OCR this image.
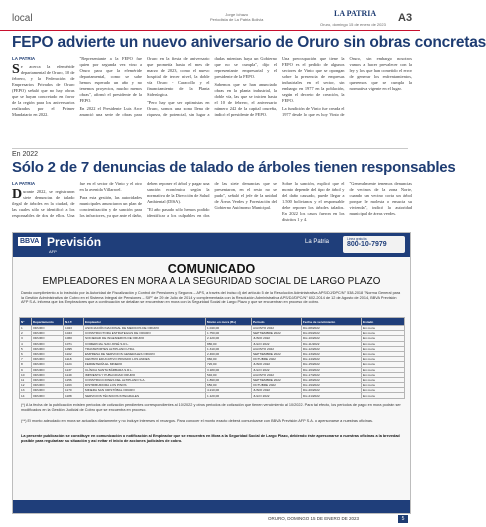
local	Jorge Ichazo
Periodista de La Patria Bolivia
LA PATRIA
Oruro, domingo 15 de enero de 2023
A3
FEPO advierte un nuevo aniversario de Oruro sin obras concretas

LA PATRIA

Se acerca la efeméride departamental de Oruro, 10 de febrero, y la Federación de Empresarios Privados de Oruro (FEPO) señaló que no hay obras que se hayan concretado en favor de la región para los aniversarios realizados por el Primer Mandatario en 2022.

"Representante a la FEPO fue quien por segunda vez vino a Oruro para que la efeméride departamental, como se sabe hemos esperado un año y no tenemos proyectos, mucho menos obras", afirmó el presidente de la FEPO.

En 2022 el Presidente Luis Arce anunció una serie de obras para Oruro en la fiesta de aniversario que prometía hasta el mes de marzo de 2023, como el nuevo hospital de tercer nivel, la doble vía Oruro - Caracollo y el financiamiento de la Planta Siderúrgica.

"Pero hay que ser optimistas en Oruro, somos una zona llena de riqueza, de potencial, sin lugar a dudas mientras haya un Gobierno que no se cumpla", dijo el representante empresarial y el presidente de la FEPO.

Sabemos que se han anunciado obras en la planta industrial, la doble vía, las que se inicien hasta el 10 de febrero, el aniversario número 242 de la capital orureña, indicó el presidente de FEPO.

Una preocupación que tiene la FEPO es el pedido de algunos sectores de Vinto que se opongan sobre la presencia de empresas industriales en el sector, sin embargo en 1977 en la población, según el decreto de creación, la FEPO.

La fundición de Vinto fue creada el 1977 desde lo que es hoy Vinto de Oruro, sin embargo nosotros vamos a hacer prevalecer con la ley y los que han cometido el error de generar los enfrentamientos, queremos que se cumpla la normativa vigente en el lugar.

En 2022
Sólo 2 de 7 denuncias de talado de árboles tienen responsables

LA PATRIA

Durante 2022, se registraron siete denuncias de talado ilegal de árboles en la ciudad, de las cuales sólo se identificó a los responsables de dos de ellos. Una fue en el sector de Vinto y el otro en la avenida Villarroel.

Para esta gestión, las autoridades municipales anunciaron un plan de concientización y de sanción para los infractores, ya que ante el daño, deben reponer el árbol y pagar una sanción económica según la normativa de la Dirección de Salud Ambiental (DISA).

"El año pasado sólo hemos podido identificar a los culpables en dos de las siete denuncias que se presentaron, en el resto no se pudo", señaló el jefe de la unidad de Áreas Verdes y Forestación del Gobierno Autónomo Municipal.

Sobre la sanción, explicó que el monto depende del tipo de árbol y del daño causado, puede llegar a 1.500 bolivianos y el responsable debe reponer los árboles talados. En 2022 los casos fueron en los distritos 1 y 4.

"Generalmente tenemos denuncias de vecinos de la zona Norte, cuando un vecino corta un árbol porque le molesta o ensucia su vivienda", indicó la autoridad municipal de áreas verdes.

BBVA Previsión
AFP
La Patria	Línea gratuita
800-10-7979
COMUNICADO
EMPLEADORES EN MORA A LA SEGURIDAD SOCIAL DE LARGO PLAZO
Dando cumplimiento a lo instruido por la Autoridad de Fiscalización y Control de Pensiones y Seguros – APS, a través del inciso d) del artículo 5 de la Resolución Administrativa APS/DJ/DPC/N° 538-2018 "Norma General para la Gestión Administrativa de Cobro en el Sistema Integral de Pensiones – SIP" de 29 de Julio de 2014 y complementada con la Resolución Administrativa APS/DJ/DPC/N° 602-2014 de 12 de Agosto de 2014, BBVA Previsión AFP S.A. informa que los Empleadores que a continuación se detallan se encuentran en mora con la Seguridad Social de Largo Plazo y que se encuentran en proceso de cobro.
N°	Departamento	N.I.T.	Empleador	Monto en mora (Bs)	Periodo	Fecha de vencimiento	Estado
1	ORURO	1023	ASOCIACIÓN NACIONAL DE MEDICOS DE ORURO	1.040,00	AGOSTO 2022	Dic-08/2022	En mora
2	ORURO	1043	CONSTRUCTORA ESTRATEGIAS DE ORURO	1.750,00	SEPTIEMBRE 2022	Dic-09/2022	En mora
3	ORURO	1060	SOCIEDAD DE INGENIEROS DE ORURO	2.120,00	JUNIO 2022	Dic-10/2022	En mora
4	ORURO	1071	COMERCIAL SAN JOSÉ S.R.L.	880,00	JULIO 2022	Dic-11/2022	En mora
5	ORURO	1095	TRANSPORTES ALTIPLANO LTDA.	1.310,00	AGOSTO 2022	Dic-12/2022	En mora
6	ORURO	1102	EMPRESA DE SERVICIOS GENERALES ORURO	2.460,00	SEPTIEMBRE 2022	Dic-13/2022	En mora
7	ORURO	1118	CENTRO EDUCATIVO PRIVADO LOS ANDES	960,00	OCTUBRE 2022	Dic-14/2022	En mora
8	ORURO	1124	FERRETERÍA EL MINERO	720,00	JUNIO 2022	Dic-15/2022	En mora
9	ORURO	1137	CLÍNICA SANTA BÁRBARA S.R.L.	3.180,00	JULIO 2022	Dic-16/2022	En mora
10	ORURO	1149	IMPRENTA Y PUBLICIDAD ORURO	540,00	AGOSTO 2022	Dic-17/2022	En mora
11	ORURO	1156	CONSTRUCCIONES DEL ALTIPLANO S.A.	1.890,00	SEPTIEMBRE 2022	Dic-18/2022	En mora
12	ORURO	1163	DISTRIBUIDORA LOS PINOS	650,00	OCTUBRE 2022	Dic-19/2022	En mora
13	ORURO	1170	MINERA SAN CRISTÓBAL ORURO	4.210,00	JUNIO 2022	Dic-20/2022	En mora
14	ORURO	1188	SERVICIOS TÉCNICOS INTEGRALES	1.120,00	JULIO 2022	Dic-21/2022	En mora
(*) A la fecha de la publicación existen periodos de cotización pendientes correspondientes al 10/2022 y otros periodos de cotización que tienen vencimiento al 10/2022. Para tal efecto, los periodos de pago en mora podrán ser modificados en la Gestión Judicial de Cobro que se encuentra en proceso.
(**) El monto adeudado en mora se actualiza diariamente y no incluye intereses ni recargos. Para conocer el monto exacto deberá comunicarse con BBVA Previsión AFP S.A. o apersonarse a nuestras oficinas.
La presente publicación se constituye en comunicación o notificación al Empleador que se encuentra en Mora a la Seguridad Social de Largo Plazo, debiendo éste apersonarse a nuestras oficinas a la brevedad posible para regularizar su situación y así evitar el inicio de acciones judiciales de cobro.
ORURO, DOMINGO 15 DE ENERO DE 2023	5
